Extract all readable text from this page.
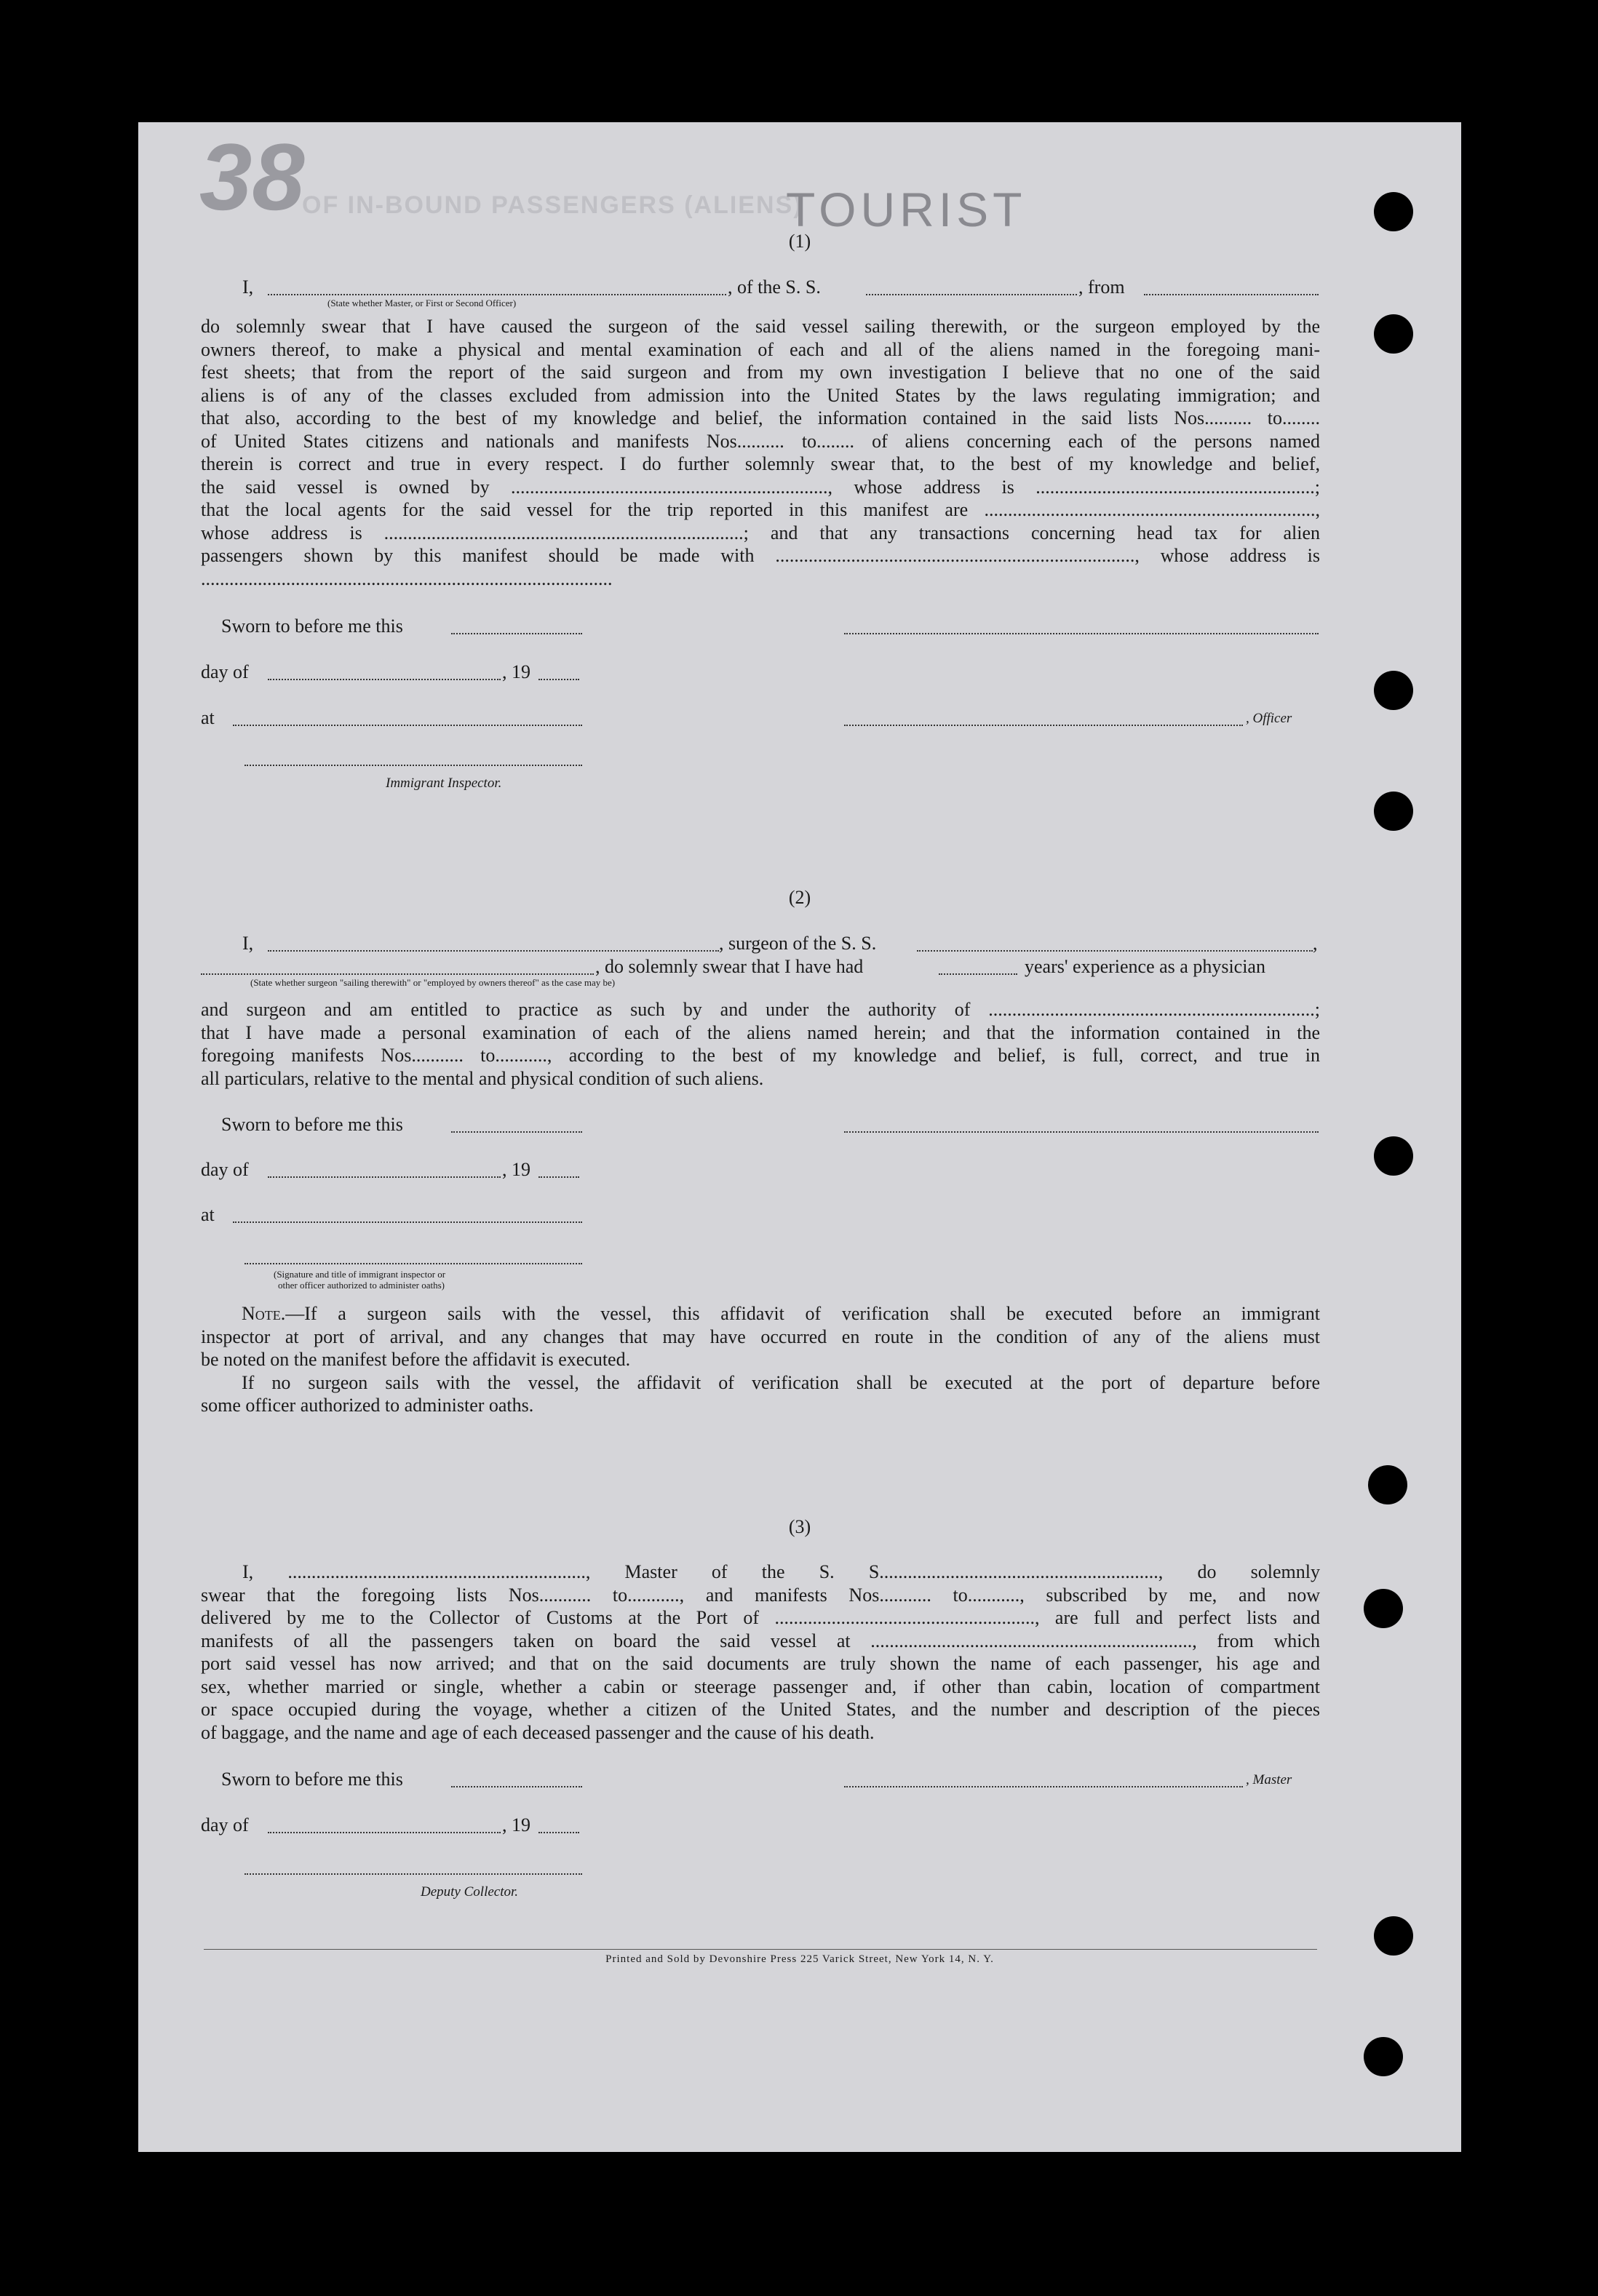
38
OF IN-BOUND PASSENGERS (ALIENS)
TOURIST
(1)
I,	, of the S. S.	, from
(State whether Master, or First or Second Officer)
do solemnly swear that I have caused the surgeon of the said vessel sailing therewith, or the surgeon employed by the
owners thereof, to make a physical and mental examination of each and all of the aliens named in the foregoing mani-
fest sheets; that from the report of the said surgeon and from my own investigation I believe that no one of the said
aliens is of any of the classes excluded from admission into the United States by the laws regulating immigration; and
that also, according to the best of my knowledge and belief, the information contained in the said lists Nos.......... to........
of United States citizens and nationals and manifests Nos.......... to........ of aliens concerning each of the persons named
therein is correct and true in every respect. I do further solemnly swear that, to the best of my knowledge and belief,
the said vessel is owned by ..................................................................., whose address is ...........................................................;
that the local agents for the said vessel for the trip reported in this manifest are ......................................................................,
whose address is ............................................................................; and that any transactions concerning head tax for alien
passengers shown by this manifest should be made with ............................................................................, whose address is
.......................................................................................
Sworn to before me this
day of	, 19
at	, Officer
Immigrant Inspector.
(2)
I,	, surgeon of the S. S.	,
, do solemnly swear that I have had	years' experience as a physician
(State whether surgeon "sailing therewith" or "employed by owners thereof" as the case may be)
and surgeon and am entitled to practice as such by and under the authority of .....................................................................;
that I have made a personal examination of each of the aliens named herein; and that the information contained in the
foregoing manifests Nos........... to..........., according to the best of my knowledge and belief, is full, correct, and true in
all particulars, relative to the mental and physical condition of such aliens.
Sworn to before me this
day of	, 19
at
(Signature and title of immigrant inspector or
other officer authorized to administer oaths)
Note.—If a surgeon sails with the vessel, this affidavit of verification shall be executed before an immigrant
inspector at port of arrival, and any changes that may have occurred en route in the condition of any of the aliens must
be noted on the manifest before the affidavit is executed.
If no surgeon sails with the vessel, the affidavit of verification shall be executed at the port of departure before
some officer authorized to administer oaths.
(3)
I, ..............................................................., Master of the S. S..........................................................., do solemnly
swear that the foregoing lists Nos........... to..........., and manifests Nos........... to..........., subscribed by me, and now
delivered by me to the Collector of Customs at the Port of ......................................................., are full and perfect lists and
manifests of all the passengers taken on board the said vessel at ...................................................................., from which
port said vessel has now arrived; and that on the said documents are truly shown the name of each passenger, his age and
sex, whether married or single, whether a cabin or steerage passenger and, if other than cabin, location of compartment
or space occupied during the voyage, whether a citizen of the United States, and the number and description of the pieces
of baggage, and the name and age of each deceased passenger and the cause of his death.
Sworn to before me this	, Master
day of	, 19
Deputy Collector.
Printed and Sold by Devonshire Press 225 Varick Street, New York 14, N. Y.
